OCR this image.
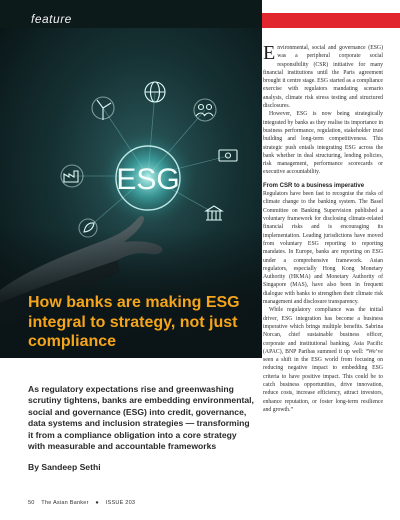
feature
ESG
How banks are making ESG integral to strategy, not just compliance

As regulatory expectations rise and greenwashing scrutiny tightens, banks are embedding environmental, social and governance (ESG) into credit, governance, data systems and inclusion strategies — transforming it from a compliance obligation into a core strategy with measurable and accountable frameworks

By Sandeep Sethi

50 The Asian Banker ● ISSUE 203

Environmental, social and governance (ESG) was a peripheral corporate social responsibility (CSR) initiative for many financial institutions until the Paris agreement brought it centre stage. ESG started as a compliance exercise with regulators mandating scenario analysis, climate risk stress testing and structured disclosures.

However, ESG is now being strategically integrated by banks as they realise its importance in business performance, regulation, stakeholder trust building and long-term competitiveness. This strategic push entails integrating ESG across the bank whether in deal structuring, lending policies, risk management, performance scorecards or executive accountability.

From CSR to a business imperative

Regulators have been fast to recognise the risks of climate change to the banking system. The Basel Committee on Banking Supervision published a voluntary framework for disclosing climate-related financial risks and is encouraging its implementation. Leading jurisdictions have moved from voluntary ESG reporting to reporting mandates. In Europe, banks are reporting on ESG under a comprehensive framework. Asian regulators, especially Hong Kong Monetary Authority (HKMA) and Monetary Authority of Singapore (MAS), have also been in frequent dialogue with banks to strengthen their climate risk management and disclosure transparency.

While regulatory compliance was the initial driver, ESG integration has become a business imperative which brings multiple benefits. Sabrina Norcan, chief sustainable business officer, corporate and institutional banking, Asia Pacific (APAC), BNP Paribas summed it up well: “We’ve seen a shift in the ESG world from focusing on reducing negative impact to embedding ESG criteria to have positive impact. This could be to catch business opportunities, drive innovation, reduce costs, increase efficiency, attract investors, enhance reputation, or foster long-term resilience and growth.”
